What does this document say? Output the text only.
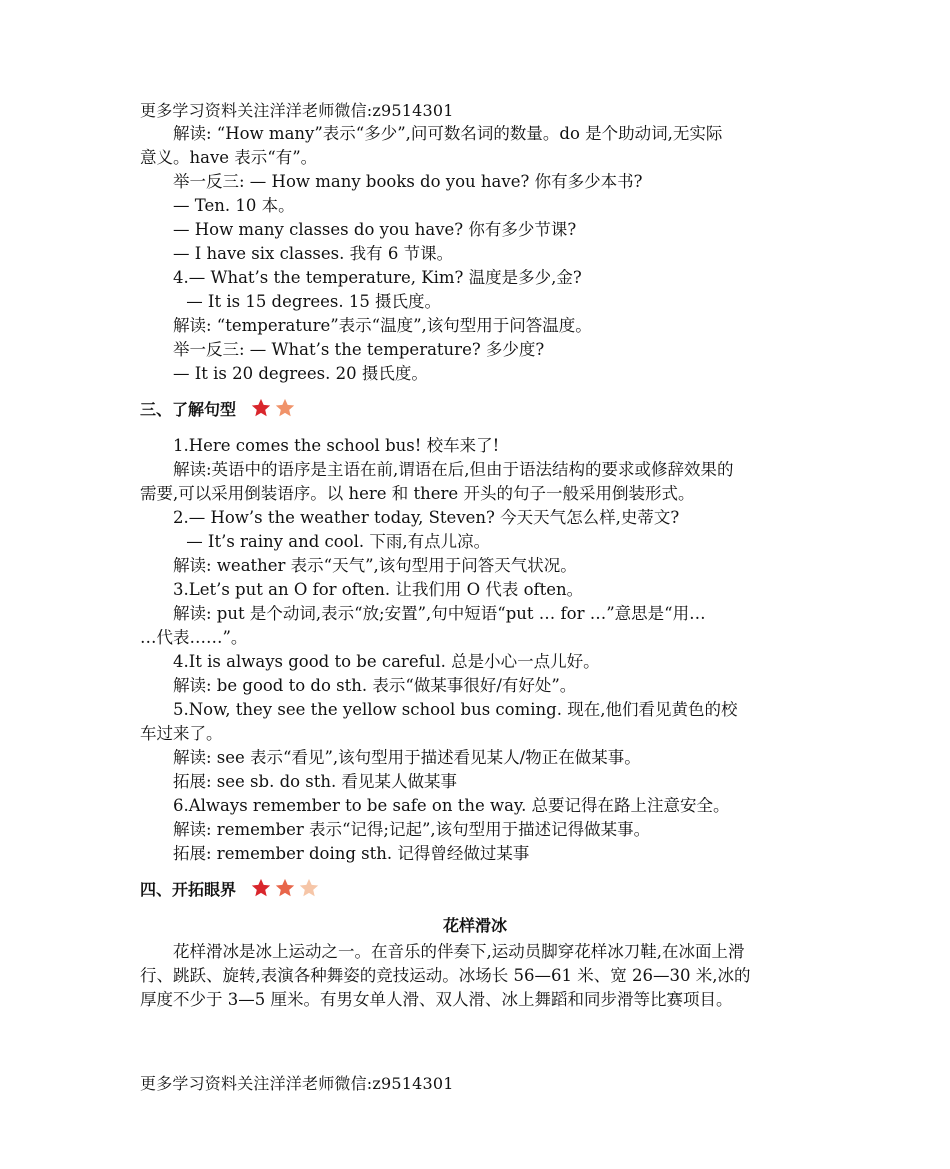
更多学习资料关注洋洋老师微信:z9514301

解读: “How many”表示“多少”,问可数名词的数量。do 是个助动词,无实际

意义。have 表示“有”。

举一反三: — How many books do you have? 你有多少本书?

— Ten. 10 本。

— How many classes do you have? 你有多少节课?

— I have six classes. 我有 6 节课。

4.— What’s the temperature, Kim? 温度是多少,金?

— It is 15 degrees. 15 摄氏度。

解读: “temperature”表示“温度”,该句型用于问答温度。

举一反三: — What’s the temperature? 多少度?

— It is 20 degrees. 20 摄氏度。

三、了解句型

1.Here comes the school bus! 校车来了!

解读:英语中的语序是主语在前,谓语在后,但由于语法结构的要求或修辞效果的

需要,可以采用倒装语序。以 here 和 there 开头的句子一般采用倒装形式。

2.— How’s the weather today, Steven? 今天天气怎么样,史蒂文?

— It’s rainy and cool. 下雨,有点儿凉。

解读: weather 表示“天气”,该句型用于问答天气状况。

3.Let’s put an O for often. 让我们用 O 代表 often。

解读: put 是个动词,表示“放;安置”,句中短语“put … for …”意思是“用…

…代表……”。

4.It is always good to be careful. 总是小心一点儿好。

解读: be good to do sth. 表示“做某事很好/有好处”。

5.Now, they see the yellow school bus coming. 现在,他们看见黄色的校

车过来了。

解读: see 表示“看见”,该句型用于描述看见某人/物正在做某事。

拓展: see sb. do sth. 看见某人做某事

6.Always remember to be safe on the way. 总要记得在路上注意安全。

解读: remember 表示“记得;记起”,该句型用于描述记得做某事。

拓展: remember doing sth. 记得曾经做过某事

四、开拓眼界
花样滑冰

花样滑冰是冰上运动之一。在音乐的伴奏下,运动员脚穿花样冰刀鞋,在冰面上滑

行、跳跃、旋转,表演各种舞姿的竞技运动。冰场长 56—61 米、宽 26—30 米,冰的

厚度不少于 3—5 厘米。有男女单人滑、双人滑、冰上舞蹈和同步滑等比赛项目。

更多学习资料关注洋洋老师微信:z9514301
